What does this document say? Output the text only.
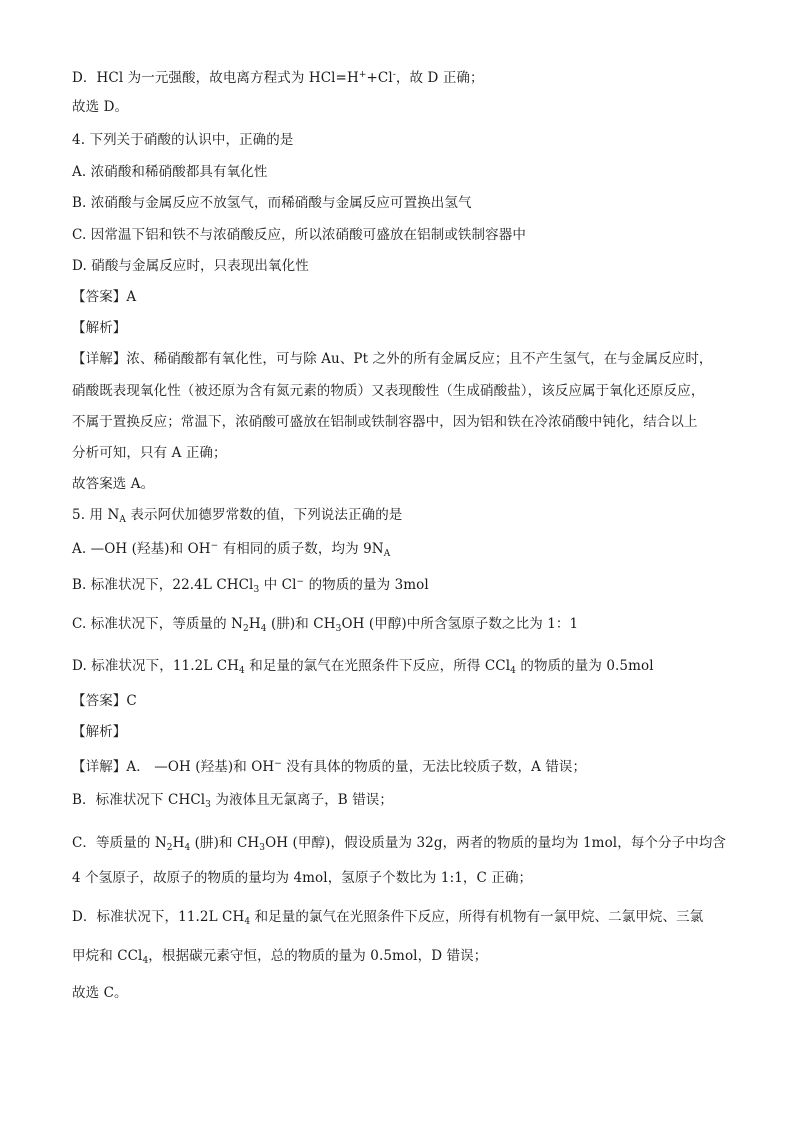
D．HCl 为一元强酸，故电离方程式为 HCl=H++Cl-，故 D 正确；
故选 D。
4. 下列关于硝酸的认识中，正确的是
A. 浓硝酸和稀硝酸都具有氧化性
B. 浓硝酸与金属反应不放氢气，而稀硝酸与金属反应可置换出氢气
C. 因常温下铝和铁不与浓硝酸反应，所以浓硝酸可盛放在铝制或铁制容器中
D. 硝酸与金属反应时，只表现出氧化性
【答案】A
【解析】
【详解】浓、稀硝酸都有氧化性，可与除 Au、Pt 之外的所有金属反应；且不产生氢气，在与金属反应时，
硝酸既表现氧化性（被还原为含有氮元素的物质）又表现酸性（生成硝酸盐），该反应属于氧化还原反应，
不属于置换反应；常温下，浓硝酸可盛放在铝制或铁制容器中，因为铝和铁在冷浓硝酸中钝化，结合以上
分析可知，只有 A 正确；
故答案选 A。
5. 用 $N_A$ 表示阿伏加德罗常数的值，下列说法正确的是
A. —OH (羟基)和 OH− 有相同的质子数，均为 $9N_A$
B. 标准状况下，22.4L CHCl$_3$ 中 Cl− 的物质的量为 3mol
C. 标准状况下，等质量的 $N_2H_4$ (肼)和 $CH_3OH$ (甲醇)中所含氢原子数之比为 1：1
D. 标准状况下，11.2L $CH_4$ 和足量的氯气在光照条件下反应，所得 CCl$_4$ 的物质的量为 0.5mol
【答案】C
【解析】
【详解】A． —OH (羟基)和 OH− 没有具体的物质的量，无法比较质子数，A 错误；
B．标准状况下 CHCl$_3$ 为液体且无氯离子，B 错误；
C．等质量的 $N_2H_4$ (肼)和 $CH_3OH$ (甲醇)，假设质量为 32g，两者的物质的量均为 1mol，每个分子中均含
4 个氢原子，故原子的物质的量均为 4mol，氢原子个数比为 1:1，C 正确；
D．标准状况下，11.2L $CH_4$ 和足量的氯气在光照条件下反应，所得有机物有一氯甲烷、二氯甲烷、三氯
甲烷和 CCl$_4$，根据碳元素守恒，总的物质的量为 0.5mol，D 错误；
故选 C。
